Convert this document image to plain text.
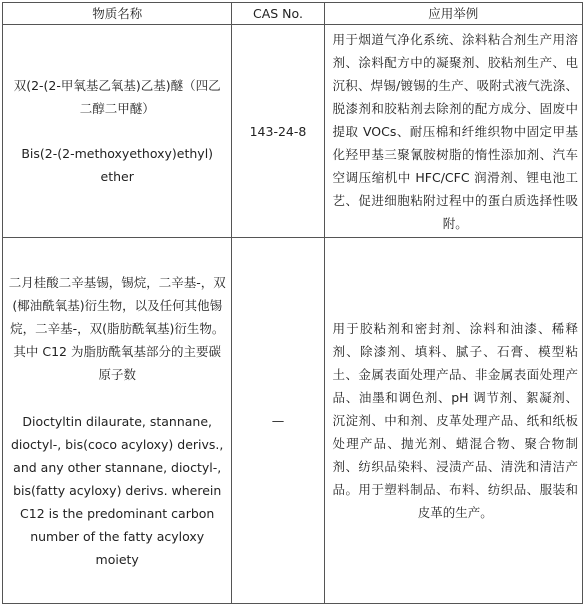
物质名称	CAS No.	应用举例

双(2-(2-甲氧基乙氧基)乙基)醚（四乙二醇二甲醚）
Bis(2-(2-methoxyethoxy)ethyl) ether	143-24-8	用于烟道气净化系统、涂料粘合剂生产用溶剂、涂料配方中的凝聚剂、胶粘剂生产、电沉积、焊锡/镀锡的生产、吸附式液气洗涤、脱漆剂和胶粘剂去除剂的配方成分、固废中提取 VOCs、耐压棉和纤维织物中固定甲基化羟甲基三聚氰胺树脂的惰性添加剂、汽车空调压缩机中 HFC/CFC 润滑剂、锂电池工艺、促进细胞粘附过程中的蛋白质选择性吸附。

二月桂酸二辛基锡，锡烷，二辛基-，双(椰油酰氧基)衍生物，以及任何其他锡烷，二辛基-，双(脂肪酰氧基)衍生物。其中 C12 为脂肪酰氧基部分的主要碳原子数
Dioctyltin dilaurate, stannane, dioctyl-, bis(coco acyloxy) derivs., and any other stannane, dioctyl-, bis(fatty acyloxy) derivs. wherein C12 is the predominant carbon number of the fatty acyloxy moiety	—	用于胶粘剂和密封剂、涂料和油漆、稀释剂、除漆剂、填料、腻子、石膏、模型粘土、金属表面处理产品、非金属表面处理产品、油墨和调色剂、pH 调节剂、絮凝剂、沉淀剂、中和剂、皮革处理产品、纸和纸板处理产品、抛光剂、蜡混合物、聚合物制剂、纺织品染料、浸渍产品、清洗和清洁产品。用于塑料制品、布料、纺织品、服装和皮革的生产。
